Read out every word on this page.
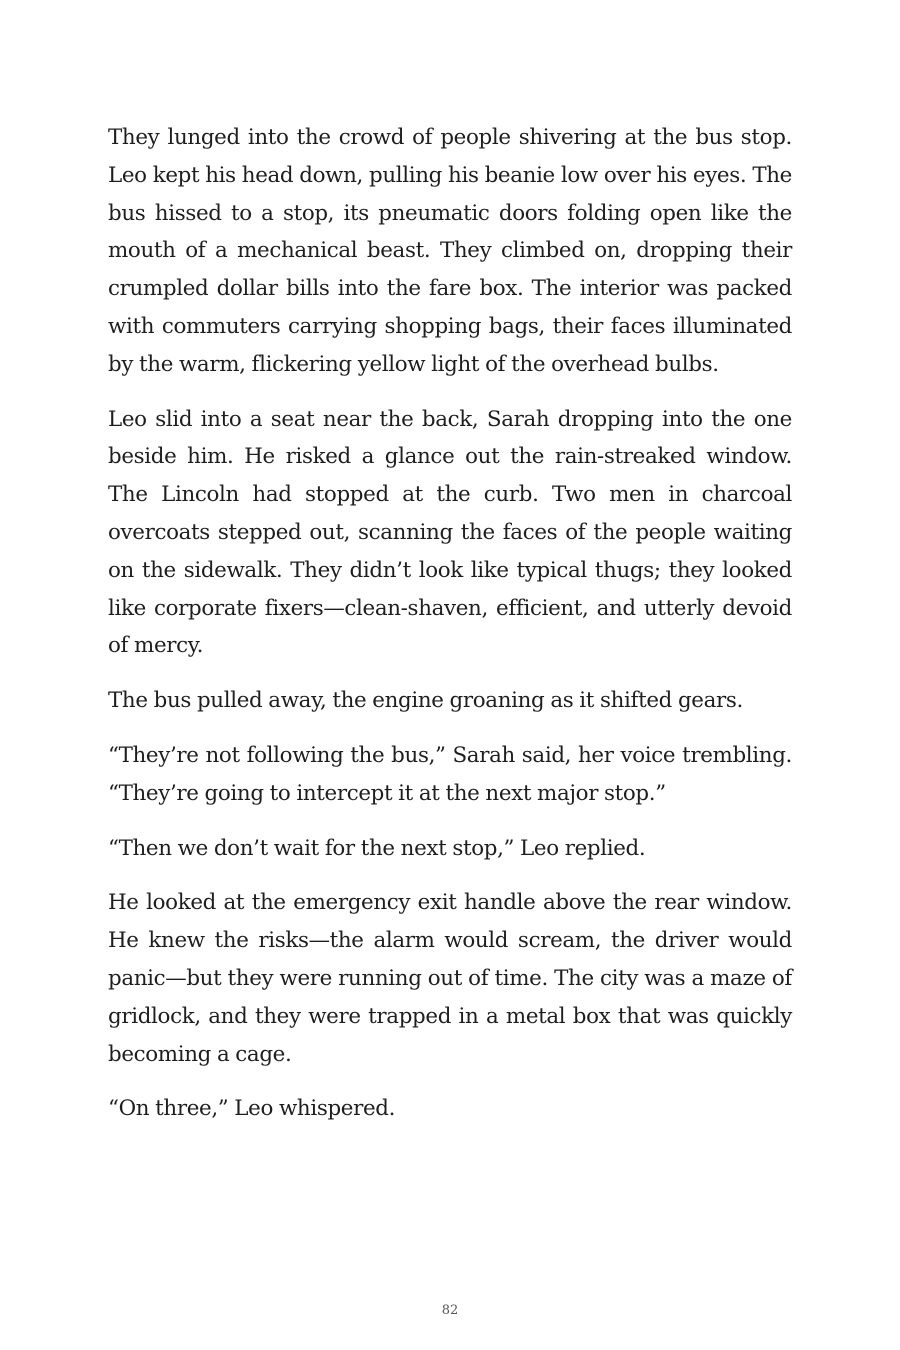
They lunged into the crowd of people shivering at the bus stop. Leo kept his head down, pulling his beanie low over his eyes. The bus hissed to a stop, its pneumatic doors folding open like the mouth of a mechanical beast. They climbed on, dropping their crumpled dollar bills into the fare box. The interior was packed with commuters carrying shopping bags, their faces illuminated by the warm, flickering yellow light of the overhead bulbs.

Leo slid into a seat near the back, Sarah dropping into the one beside him. He risked a glance out the rain-streaked window. The Lincoln had stopped at the curb. Two men in charcoal overcoats stepped out, scanning the faces of the people waiting on the sidewalk. They didn’t look like typical thugs; they looked like corporate fixers—clean-shaven, efficient, and utterly devoid of mercy.

The bus pulled away, the engine groaning as it shifted gears.

“They’re not following the bus,” Sarah said, her voice trembling. “They’re going to intercept it at the next major stop.”

“Then we don’t wait for the next stop,” Leo replied.

He looked at the emergency exit handle above the rear window. He knew the risks—the alarm would scream, the driver would panic—but they were running out of time. The city was a maze of gridlock, and they were trapped in a metal box that was quickly becoming a cage.

“On three,” Leo whispered.

82
